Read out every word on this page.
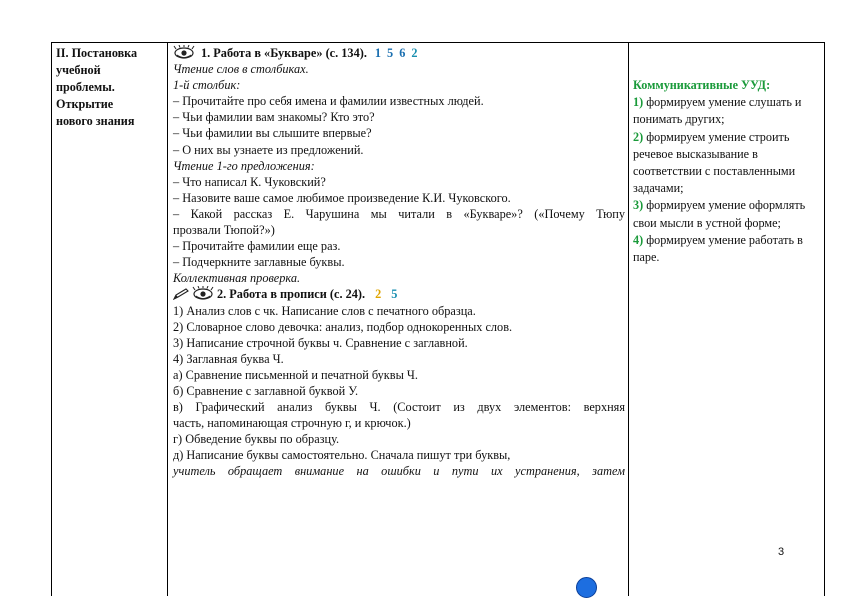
II. Постановка
учебной
проблемы.
Открытие
нового знания
1. Работа в «Букваре» (с. 134). 1 5 6 2
Чтение слов в столбиках.
1-й столбик:
– Прочитайте про себя имена и фамилии известных людей.
– Чьи фамилии вам знакомы? Кто это?
– Чьи фамилии вы слышите впервые?
– О них вы узнаете из предложений.
Чтение 1-го предложения:
– Что написал К. Чуковский?
– Назовите ваше самое любимое произведение К.И. Чуковского.
– Какой рассказ Е. Чарушина мы читали в «Букваре»? («Почему Тюпу
прозвали Тюпой?»)
– Прочитайте фамилии еще раз.
– Подчеркните заглавные буквы.
Коллективная проверка.
2. Работа в прописи (с. 24). 2 5
1) Анализ слов с чк. Написание слов с печатного образца.
2) Словарное слово девочка: анализ, подбор однокоренных слов.
3) Написание строчной буквы ч. Сравнение с заглавной.
4) Заглавная буква Ч.
а) Сравнение письменной и печатной буквы Ч.
б) Сравнение с заглавной буквой У.
в) Графический анализ буквы Ч. (Состоит из двух элементов: верхняя
часть, напоминающая строчную г, и крючок.)
г) Обведение буквы по образцу.
д) Написание буквы самостоятельно. Сначала пишут три буквы,
учитель обращает внимание на ошибки и пути их устранения, затем
Коммуникативные УУД:
1) формируем умение слушать и понимать других;
2) формируем умение строить речевое высказывание в соответствии с поставленными задачами;
3) формируем умение оформлять свои мысли в устной форме;
4) формируем умение работать в паре.
3
